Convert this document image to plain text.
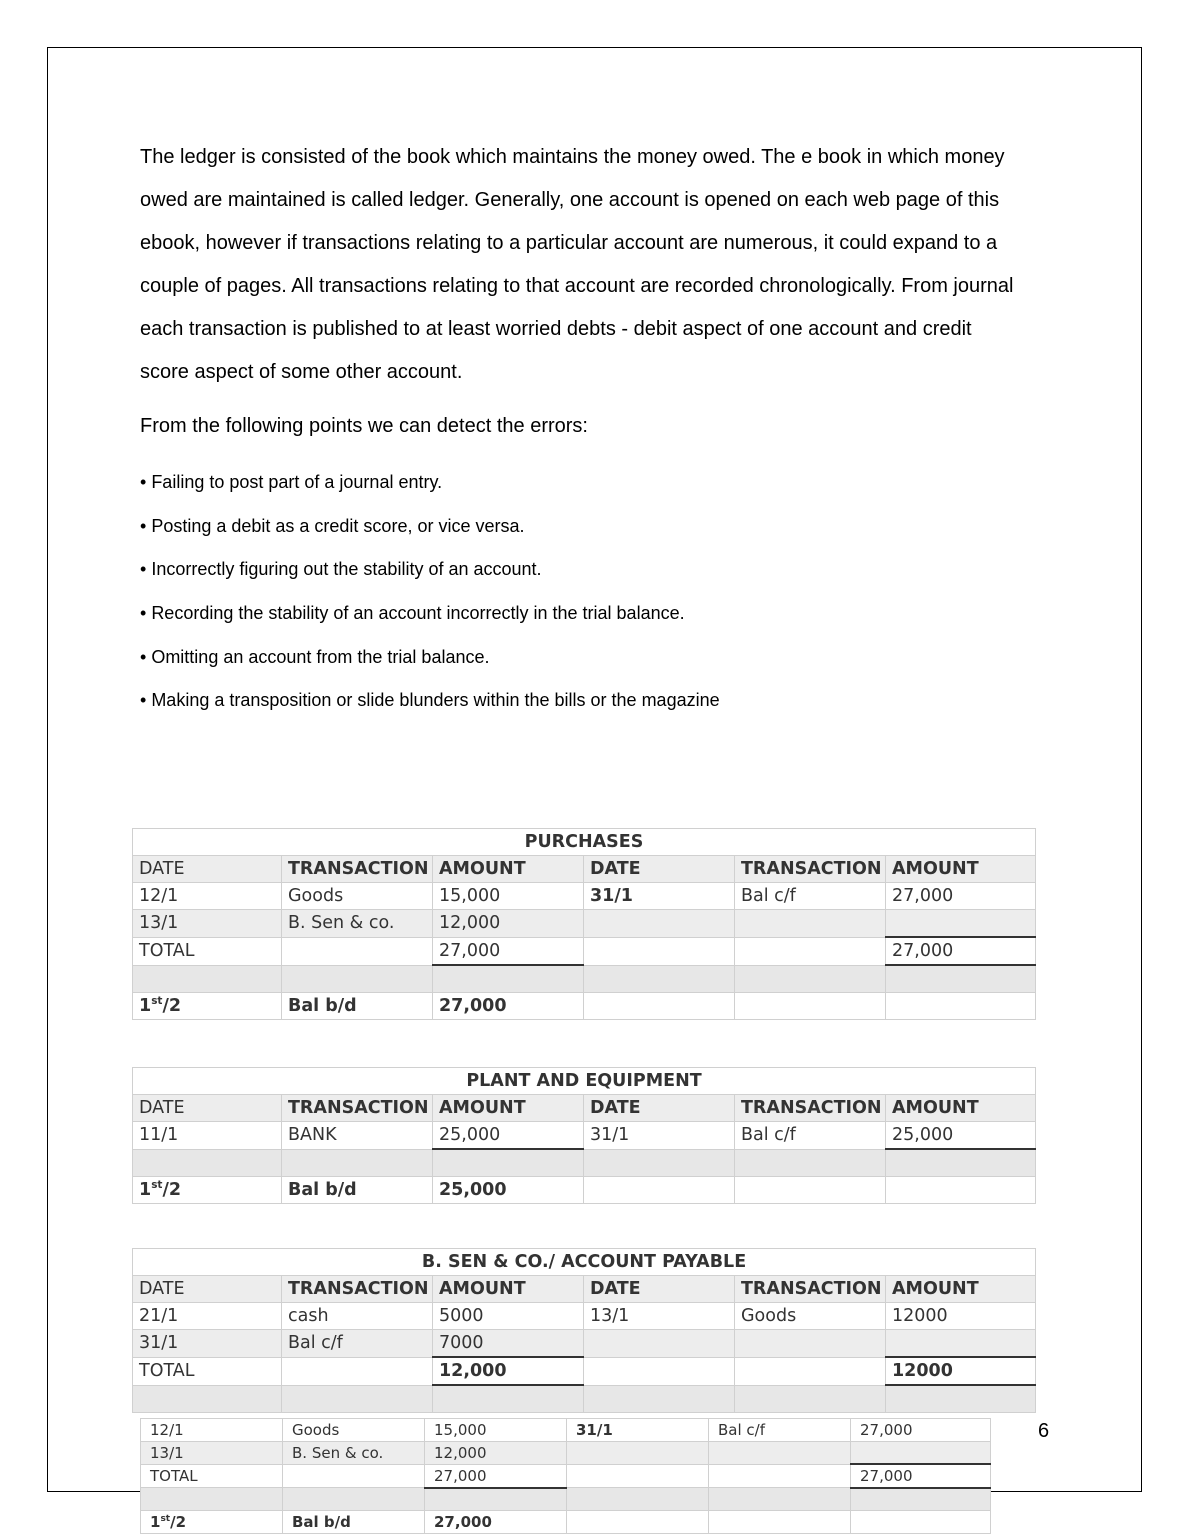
The ledger is consisted of the book which maintains the money owed. The e book in which money owed are maintained is called ledger. Generally, one account is opened on each web page of this ebook, however if transactions relating to a particular account are numerous, it could expand to a couple of pages. All transactions relating to that account are recorded chronologically. From journal each transaction is published to at least worried debts - debit aspect of one account and credit score aspect of some other account.

From the following points we can detect the errors:

• Failing to post part of a journal entry.
• Posting a debit as a credit score, or vice versa.
• Incorrectly figuring out the stability of an account.
• Recording the stability of an account incorrectly in the trial balance.
• Omitting an account from the trial balance.
• Making a transposition or slide blunders within the bills or the magazine
PURCHASES					
DATE	TRANSACTION	AMOUNT	DATE	TRANSACTION	AMOUNT
12/1	Goods	15,000	31/1	Bal c/f	27,000
13/1	B. Sen & co.	12,000			
TOTAL		27,000			27,000

1st/2	Bal b/d	27,000			
PLANT AND EQUIPMENT					
DATE	TRANSACTION	AMOUNT	DATE	TRANSACTION	AMOUNT
11/1	BANK	25,000	31/1	Bal c/f	25,000

1st/2	Bal b/d	25,000			
B. SEN & CO./ ACCOUNT PAYABLE					
DATE	TRANSACTION	AMOUNT	DATE	TRANSACTION	AMOUNT
21/1	cash	5000	13/1	Goods	12000
31/1	Bal c/f	7000			
TOTAL		12,000			12000

12/1	Goods	15,000	31/1	Bal c/f	27,000
13/1	B. Sen & co.	12,000			
TOTAL		27,000			27,000

1st/2	Bal b/d	27,000			
6
